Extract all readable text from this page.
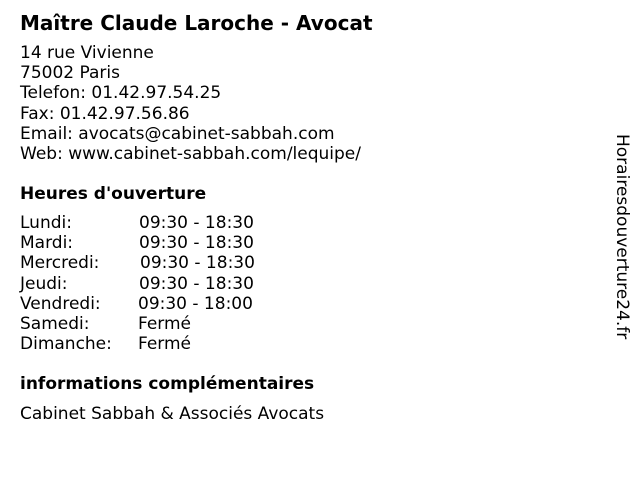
Maître Claude Laroche - Avocat
14 rue Vivienne
75002 Paris
Telefon: 01.42.97.54.25
Fax: 01.42.97.56.86
Email: avocats@cabinet-sabbah.com
Web: www.cabinet-sabbah.com/lequipe/
Heures d'ouverture
Lundi:	09:30 - 18:30
Mardi:	09:30 - 18:30
Mercredi: 09:30 - 18:30
Jeudi:	09:30 - 18:30
Vendredi: 09:30 - 18:00
Samedi:	Fermé
Dimanche: Fermé
informations complémentaires
Cabinet Sabbah & Associés Avocats
Horairesdouverture24.fr
